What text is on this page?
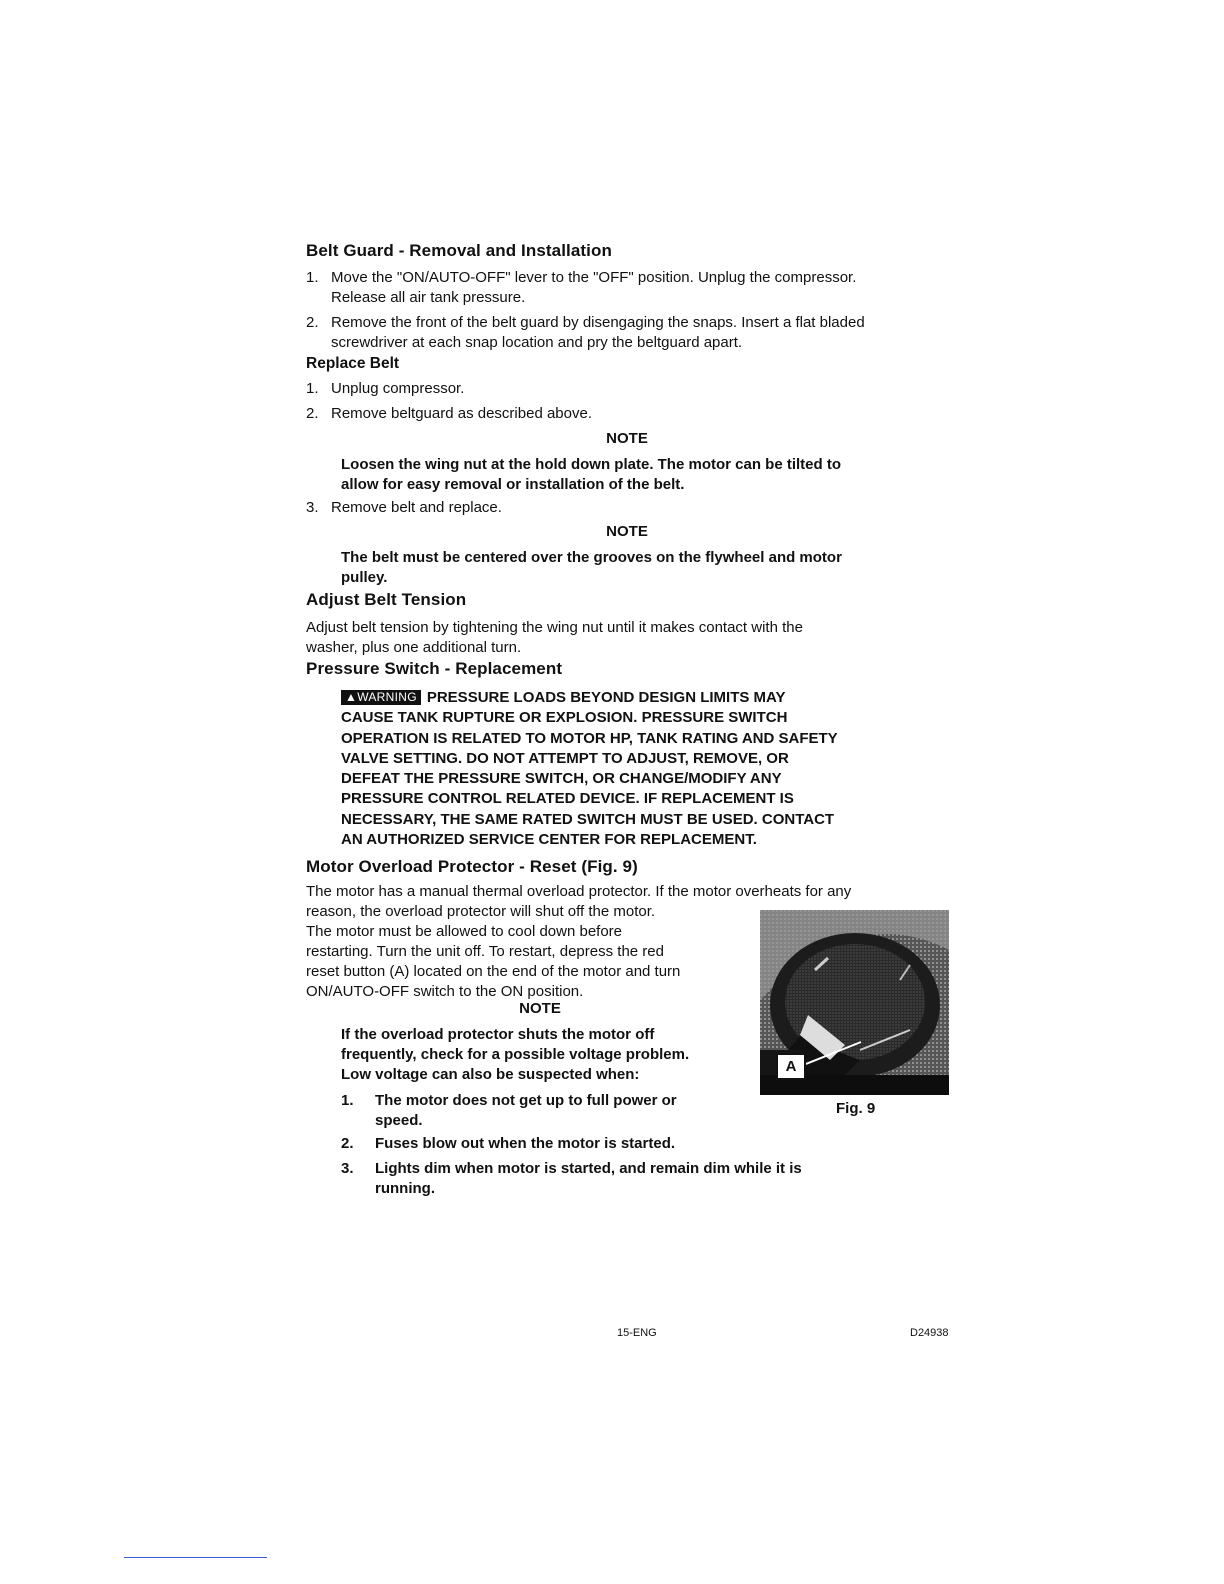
Belt Guard - Removal and Installation
1. Move the "ON/AUTO-OFF" lever to the "OFF" position. Unplug the compressor.
Release all air tank pressure.
2. Remove the front of the belt guard by disengaging the snaps. Insert a flat bladed
screwdriver at each snap location and pry the beltguard apart.
Replace Belt
1. Unplug compressor.
2. Remove beltguard as described above.
NOTE
Loosen the wing nut at the hold down plate. The motor can be tilted to
allow for easy removal or installation of the belt.
3. Remove belt and replace.
NOTE
The belt must be centered over the grooves on the flywheel and motor
pulley.
Adjust Belt Tension
Adjust belt tension by tightening the wing nut until it makes contact with the
washer, plus one additional turn.
Pressure Switch - Replacement
▲WARNING PRESSURE LOADS BEYOND DESIGN LIMITS MAY
CAUSE TANK RUPTURE OR EXPLOSION. PRESSURE SWITCH
OPERATION IS RELATED TO MOTOR HP, TANK RATING AND SAFETY
VALVE SETTING. DO NOT ATTEMPT TO ADJUST, REMOVE, OR
DEFEAT THE PRESSURE SWITCH, OR CHANGE/MODIFY ANY
PRESSURE CONTROL RELATED DEVICE. IF REPLACEMENT IS
NECESSARY, THE SAME RATED SWITCH MUST BE USED. CONTACT
AN AUTHORIZED SERVICE CENTER FOR REPLACEMENT.
Motor Overload Protector - Reset (Fig. 9)
The motor has a manual thermal overload protector. If the motor overheats for any
reason, the overload protector will shut off the motor.
The motor must be allowed to cool down before
restarting. Turn the unit off. To restart, depress the red
reset button (A) located on the end of the motor and turn
ON/AUTO-OFF switch to the ON position.
NOTE
If the overload protector shuts the motor off
frequently, check for a possible voltage problem.
Low voltage can also be suspected when:
1. The motor does not get up to full power or
speed.
2. Fuses blow out when the motor is started.
3. Lights dim when motor is started, and remain dim while it is
running.
A
Fig. 9
15-ENG	D24938
